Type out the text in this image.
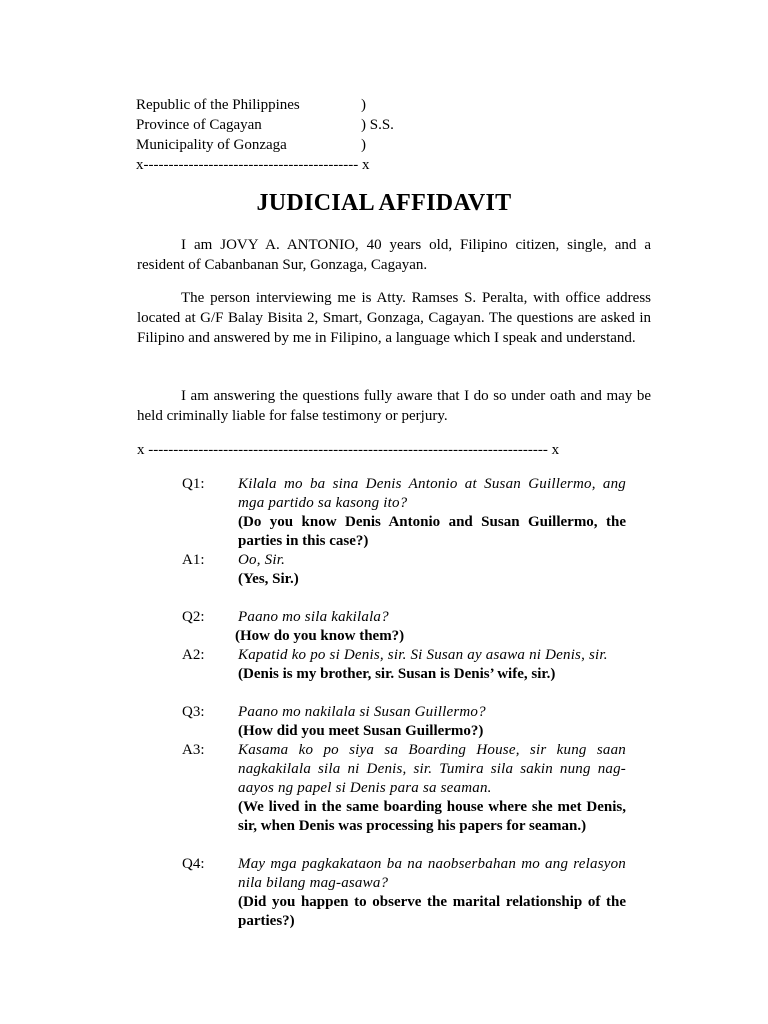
Republic of the Philippines	)
Province of Cagayan	) S.S.
Municipality of Gonzaga	)
x------------------------------------------- x
JUDICIAL AFFIDAVIT
I am JOVY A. ANTONIO, 40 years old, Filipino citizen, single, and a resident of Cabanbanan Sur, Gonzaga, Cagayan.
The person interviewing me is Atty. Ramses S. Peralta, with office address located at G/F Balay Bisita 2, Smart, Gonzaga, Cagayan. The questions are asked in Filipino and answered by me in Filipino, a language which I speak and understand.
I am answering the questions fully aware that I do so under oath and may be held criminally liable for false testimony or perjury.
x -------------------------------------------------------------------------------- x
Q1:	Kilala mo ba sina Denis Antonio at Susan Guillermo, ang mga partido sa kasong ito?
(Do you know Denis Antonio and Susan Guillermo, the parties in this case?)
A1:	Oo, Sir.
(Yes, Sir.)
Q2:	Paano mo sila kakilala?
(How do you know them?)
A2:	Kapatid ko po si Denis, sir. Si Susan ay asawa ni Denis, sir.
(Denis is my brother, sir. Susan is Denis’ wife, sir.)
Q3:	Paano mo nakilala si Susan Guillermo?
(How did you meet Susan Guillermo?)
A3:	Kasama ko po siya sa Boarding House, sir kung saan nagkakilala sila ni Denis, sir. Tumira sila sakin nung nag-aayos ng papel si Denis para sa seaman.
(We lived in the same boarding house where she met Denis, sir, when Denis was processing his papers for seaman.)
Q4:	May mga pagkakataon ba na naobserbahan mo ang relasyon nila bilang mag-asawa?
(Did you happen to observe the marital relationship of the parties?)
